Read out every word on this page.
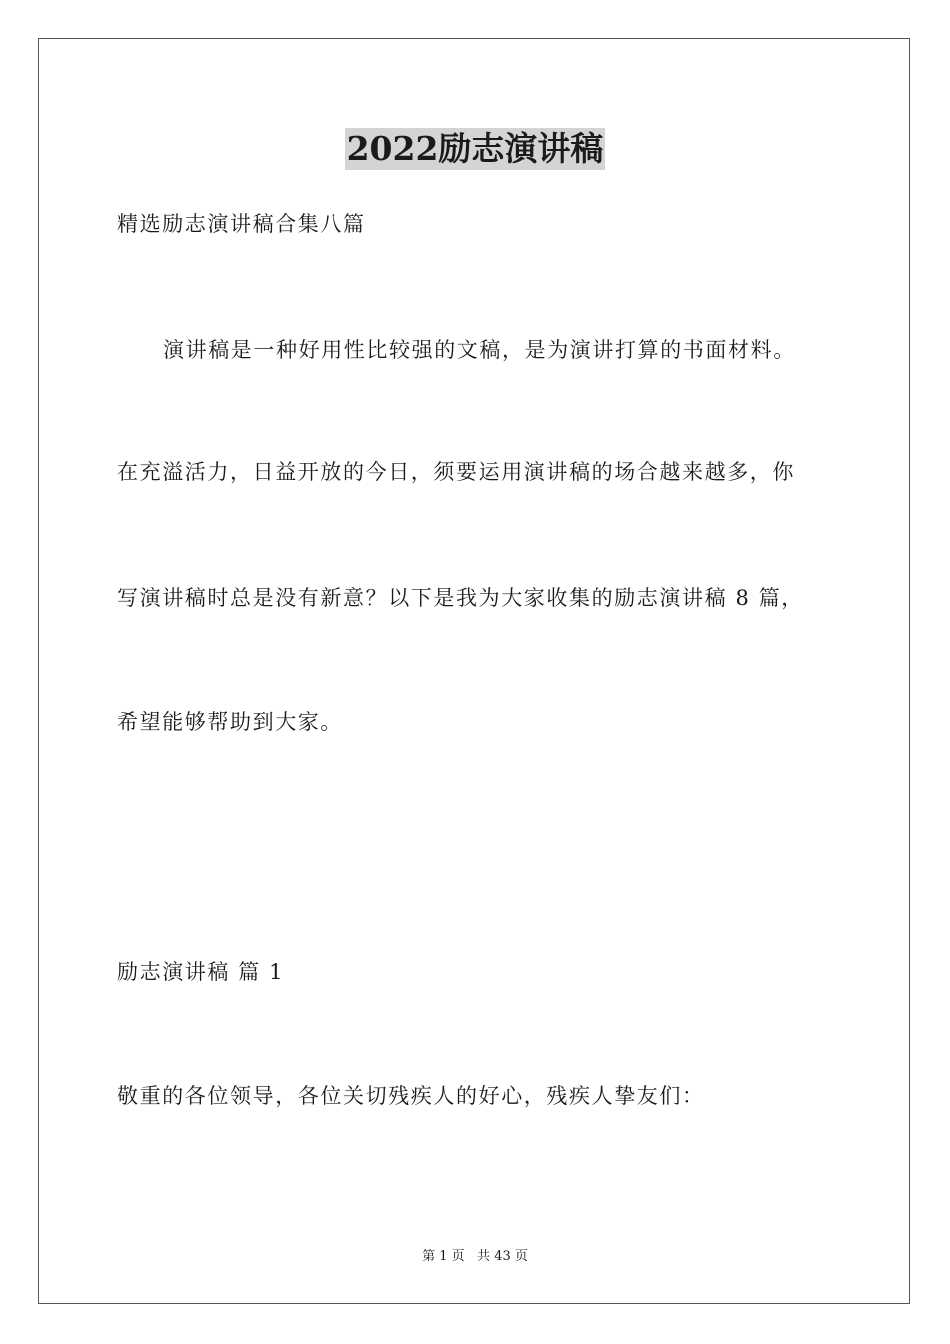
2022励志演讲稿
精选励志演讲稿合集八篇
演讲稿是一种好用性比较强的文稿，是为演讲打算的书面材料。
在充溢活力，日益开放的今日，须要运用演讲稿的场合越来越多，你
写演讲稿时总是没有新意？以下是我为大家收集的励志演讲稿 8 篇，
希望能够帮助到大家。
励志演讲稿 篇 1
敬重的各位领导，各位关切残疾人的好心，残疾人挚友们：
第 1 页   共 43 页
